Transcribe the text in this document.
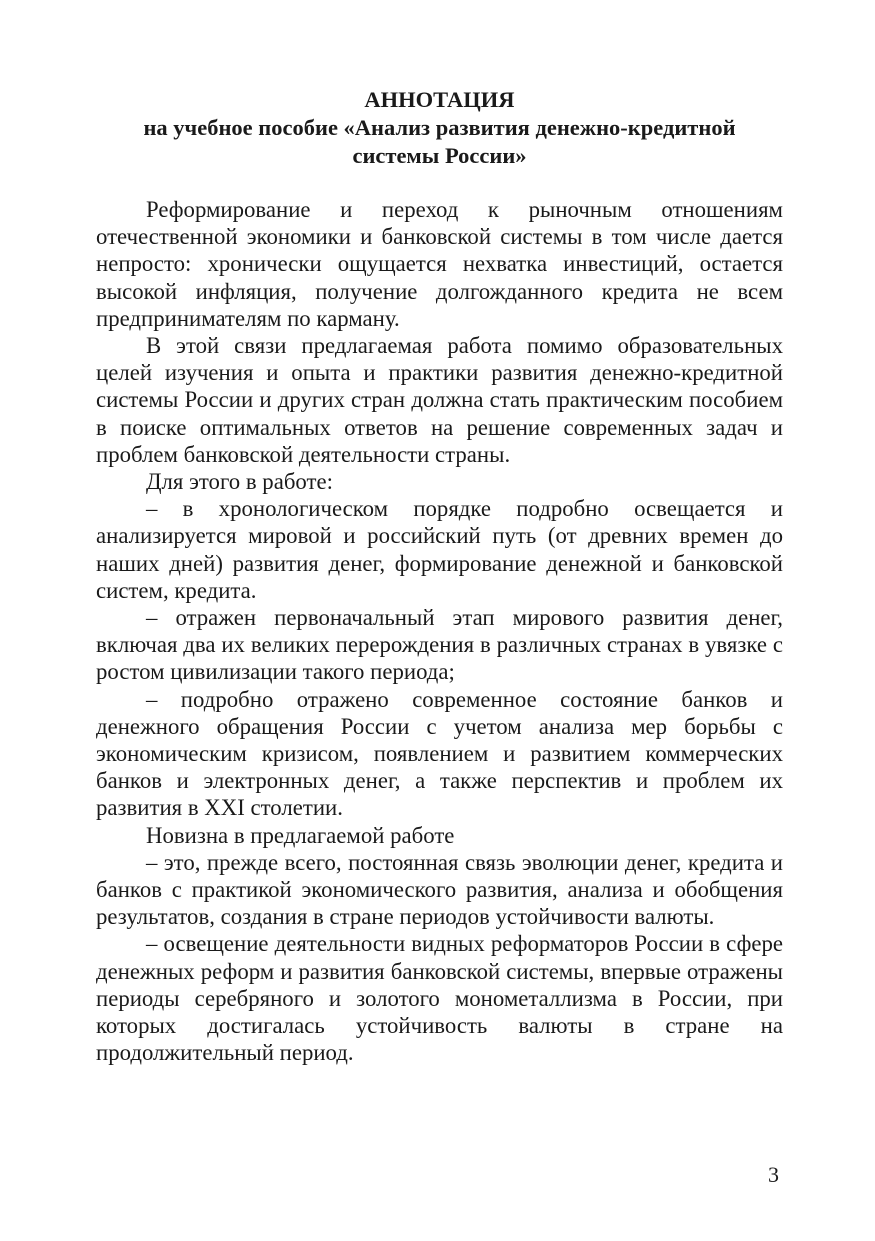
АННОТАЦИЯ

на учебное пособие «Анализ развития денежно-кредитной

системы России»

Реформирование и переход к рыночным отношениям отечественной экономики и банковской системы в том числе дается непросто: хронически ощущается нехватка инвестиций, остается высокой инфляция, получение долгожданного кредита не всем предпринимателям по карману.

В этой связи предлагаемая работа помимо образовательных целей изучения и опыта и практики развития денежно-кредитной системы России и других стран должна стать практическим пособием в поиске оптимальных ответов на решение современных задач и проблем банковской деятельности страны.

Для этого в работе:

– в хронологическом порядке подробно освещается и анализируется мировой и российский путь (от древних времен до наших дней) развития денег, формирование денежной и банковской систем, кредита.

– отражен первоначальный этап мирового развития денег, включая два их великих перерождения в различных странах в увязке с ростом цивилизации такого периода;

– подробно отражено современное состояние банков и денежного обращения России с учетом анализа мер борьбы с экономическим кризисом, появлением и развитием коммерческих банков и электронных денег, а также перспектив и проблем их развития в XXI столетии.

Новизна в предлагаемой работе

– это, прежде всего, постоянная связь эволюции денег, кредита и банков с практикой экономического развития, анализа и обобщения результатов, создания в стране периодов устойчивости валюты.

– освещение деятельности видных реформаторов России в сфере денежных реформ и развития банковской системы, впервые отражены периоды серебряного и золотого монометаллизма в России, при которых достигалась устойчивость валюты в стране на продолжительный период.

3
